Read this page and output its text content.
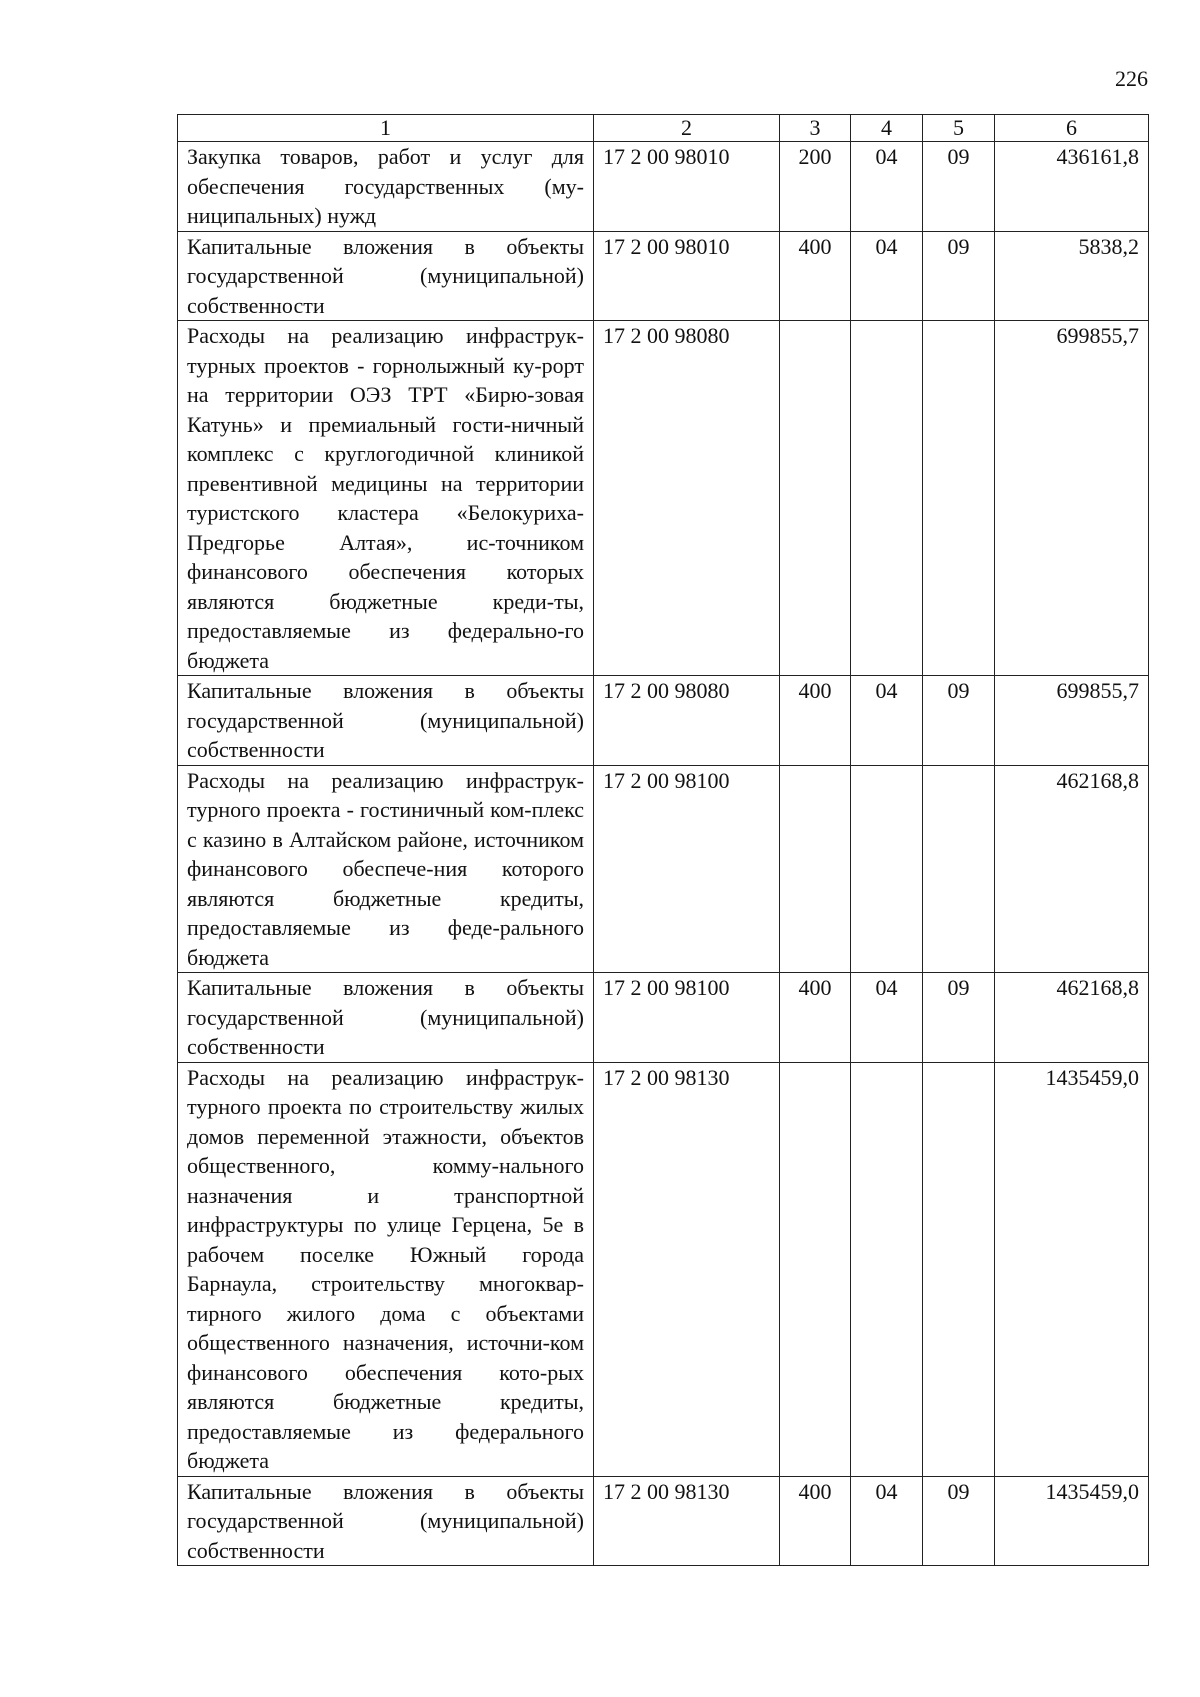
226
1	2	3	4	5	6
Закупка товаров, работ и услуг для обеспечения государственных (му-ниципальных) нужд	17 2 00 98010	200	04	09	436161,8
Капитальные вложения в объекты государственной (муниципальной) собственности	17 2 00 98010	400	04	09	5838,2
Расходы на реализацию инфраструк-турных проектов - горнолыжный ку-рорт на территории ОЭЗ ТРТ «Бирю-зовая Катунь» и премиальный гости-ничный комплекс с круглогодичной клиникой превентивной медицины на территории туристского кластера «Белокуриха-Предгорье Алтая», ис-точником финансового обеспечения которых являются бюджетные креди-ты, предоставляемые из федерально-го бюджета	17 2 00 98080				699855,7
Капитальные вложения в объекты государственной (муниципальной) собственности	17 2 00 98080	400	04	09	699855,7
Расходы на реализацию инфраструк-турного проекта - гостиничный ком-плекс с казино в Алтайском районе, источником финансового обеспече-ния которого являются бюджетные кредиты, предоставляемые из феде-рального бюджета	17 2 00 98100				462168,8
Капитальные вложения в объекты государственной (муниципальной) собственности	17 2 00 98100	400	04	09	462168,8
Расходы на реализацию инфраструк-турного проекта по строительству жилых домов переменной этажности, объектов общественного, комму-нального назначения и транспортной инфраструктуры по улице Герцена, 5е в рабочем поселке Южный города Барнаула, строительству многоквар-тирного жилого дома с объектами общественного назначения, источни-ком финансового обеспечения кото-рых являются бюджетные кредиты, предоставляемые из федерального бюджета	17 2 00 98130				1435459,0
Капитальные вложения в объекты государственной (муниципальной) собственности	17 2 00 98130	400	04	09	1435459,0
